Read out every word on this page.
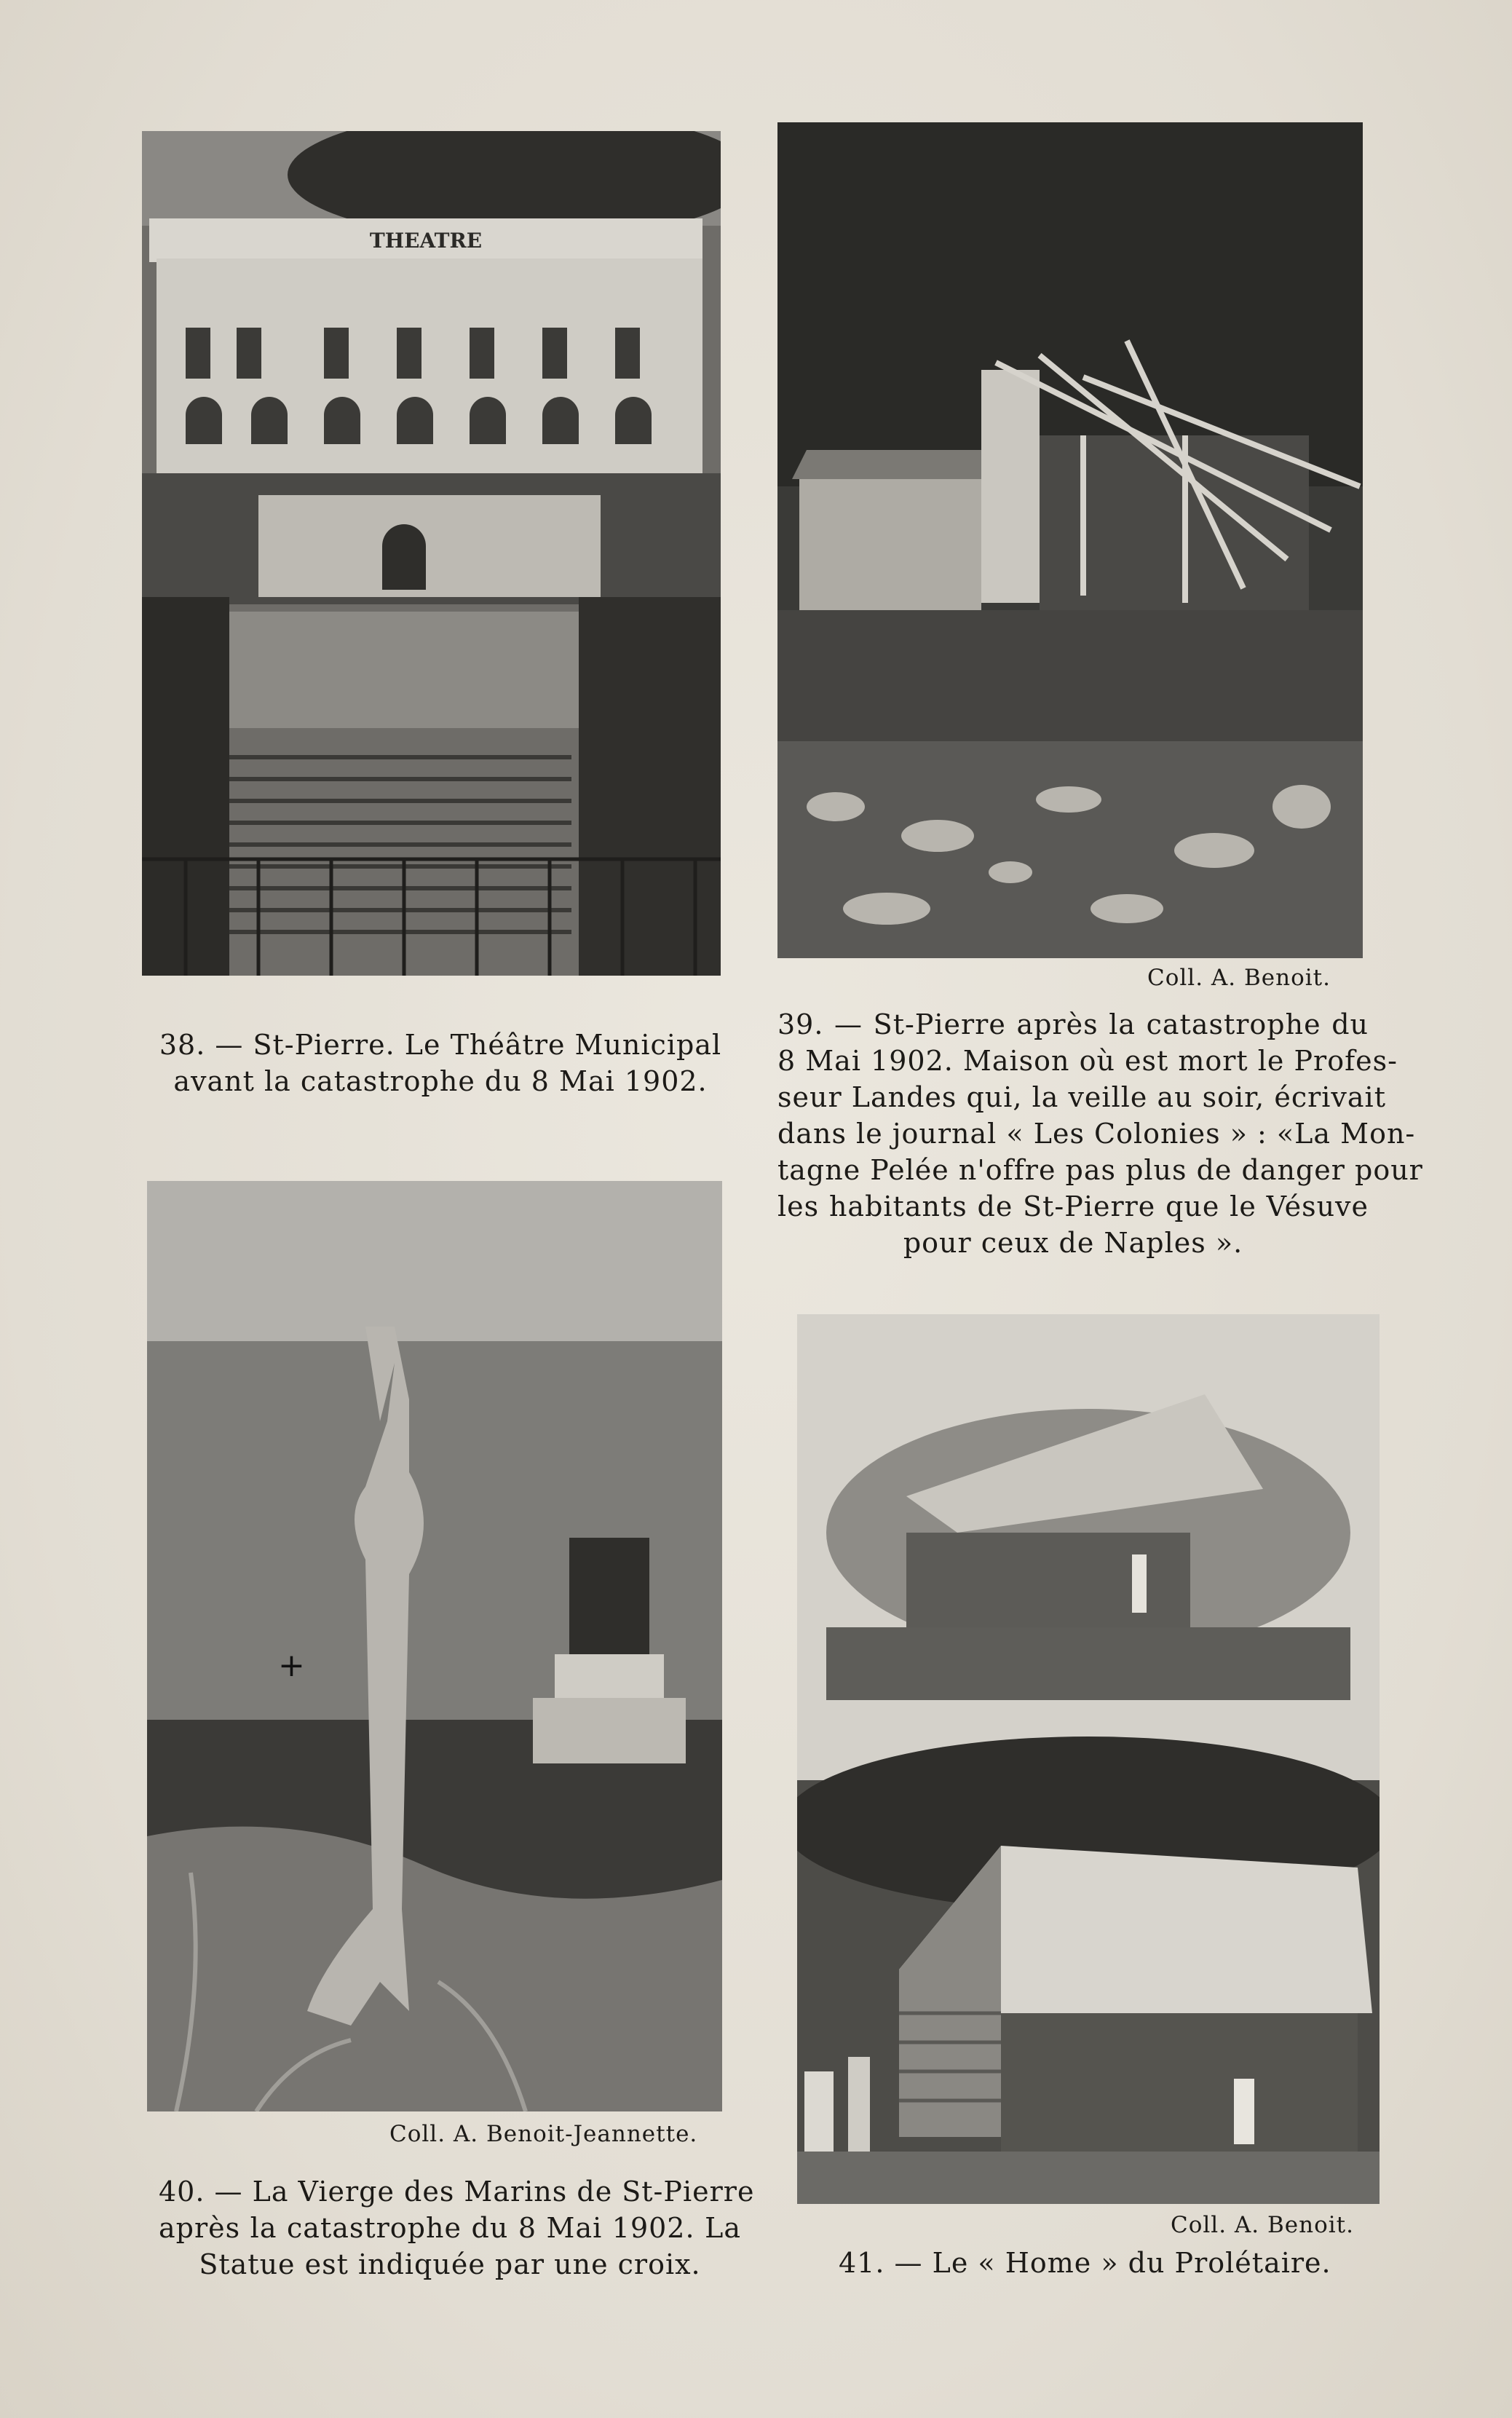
THEATRE
Coll. A. Benoit.

38. — St-Pierre. Le Théâtre Municipal

avant la catastrophe du 8 Mai 1902.

39. — St-Pierre après la catastrophe du

8 Mai 1902. Maison où est mort le Profes-

seur Landes qui, la veille au soir, écrivait

dans le journal « Les Colonies » : «La Mon-

tagne Pelée n'offre pas plus de danger pour

les habitants de St-Pierre que le Vésuve

pour ceux de Naples ».

+
Coll. A. Benoit-Jeannette.

40. — La Vierge des Marins de St-Pierre

après la catastrophe du 8 Mai 1902. La

Statue est indiquée par une croix.

Coll. A. Benoit.

41. — Le « Home » du Prolétaire.
